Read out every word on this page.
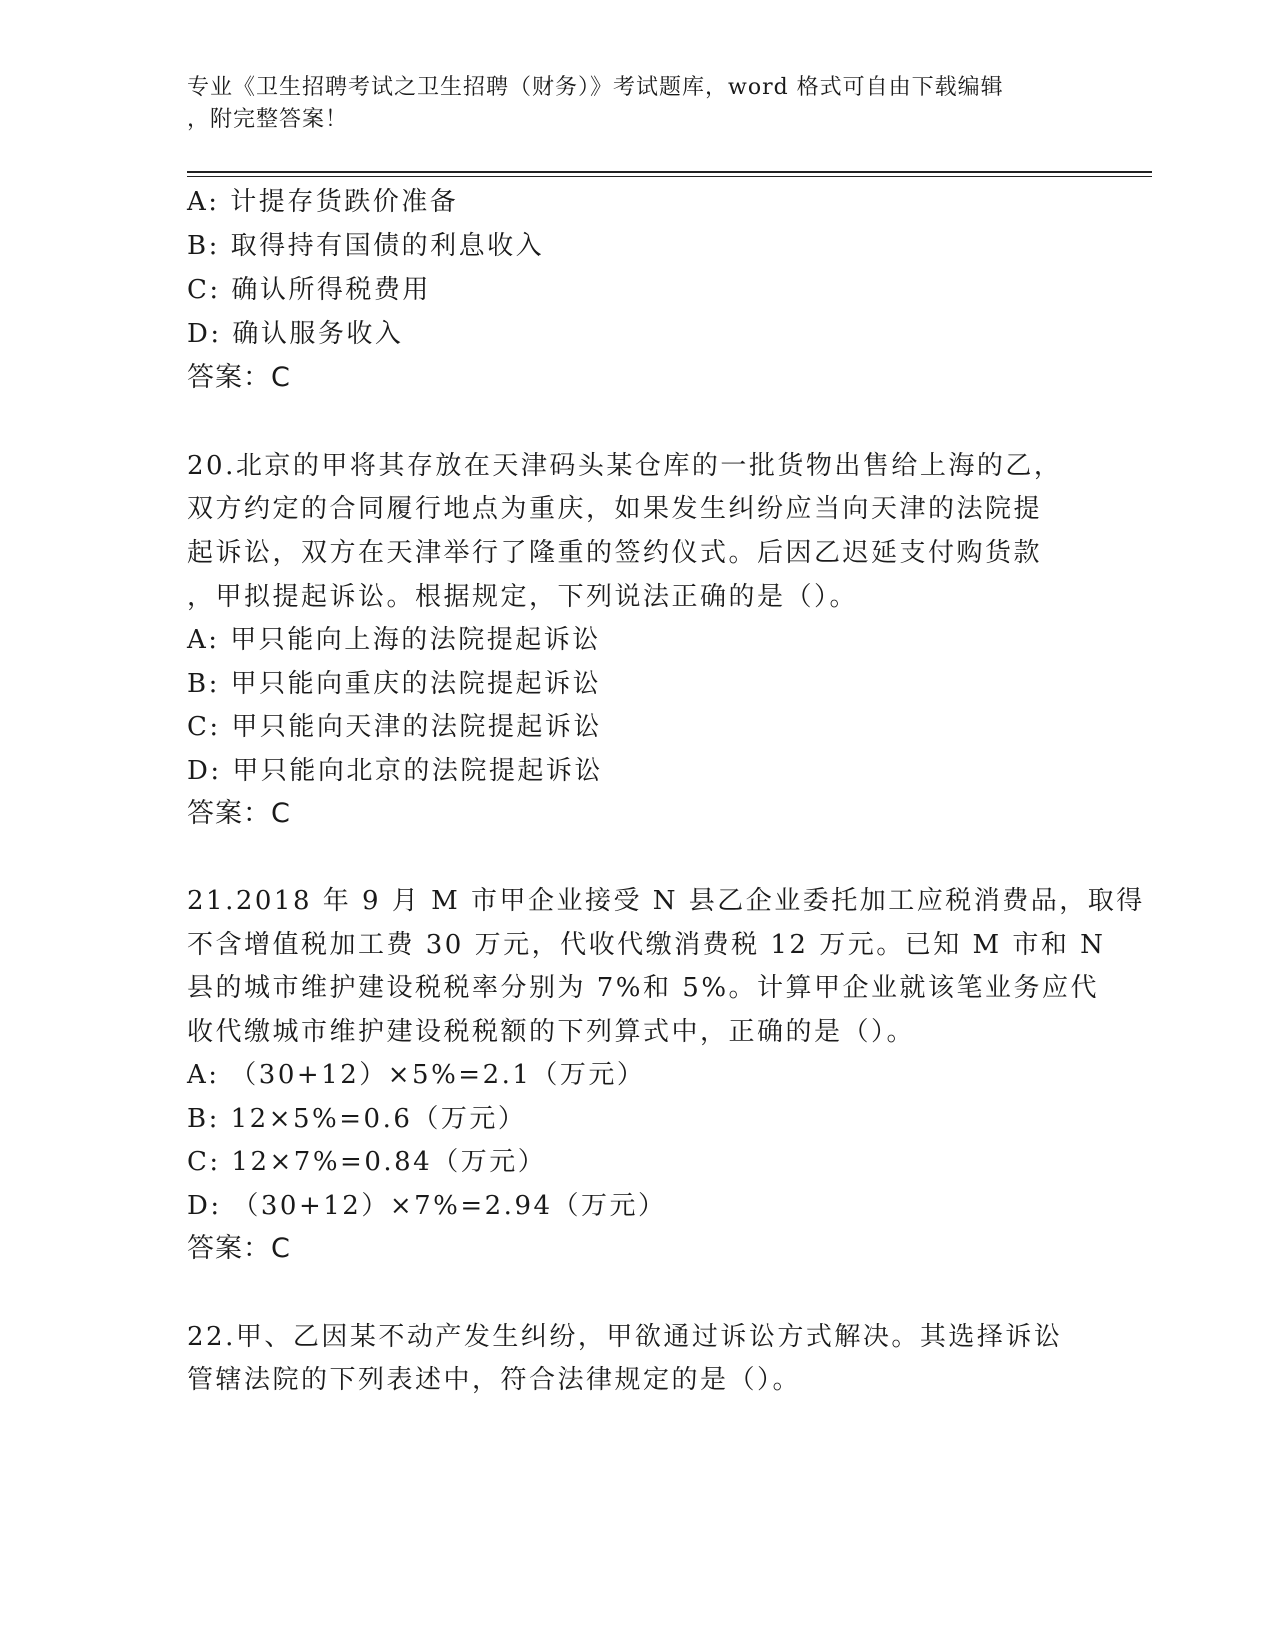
专业《卫生招聘考试之卫生招聘（财务）》考试题库，word 格式可自由下载编辑
，附完整答案！
A: 计提存货跌价准备
B: 取得持有国债的利息收入
C: 确认所得税费用
D: 确认服务收入
答案：C
20.北京的甲将其存放在天津码头某仓库的一批货物出售给上海的乙，
双方约定的合同履行地点为重庆，如果发生纠纷应当向天津的法院提
起诉讼，双方在天津举行了隆重的签约仪式。后因乙迟延支付购货款
，甲拟提起诉讼。根据规定，下列说法正确的是（）。
A: 甲只能向上海的法院提起诉讼
B: 甲只能向重庆的法院提起诉讼
C: 甲只能向天津的法院提起诉讼
D: 甲只能向北京的法院提起诉讼
答案：C
21.2018 年 9 月 M 市甲企业接受 N 县乙企业委托加工应税消费品，取得
不含增值税加工费 30 万元，代收代缴消费税 12 万元。已知 M 市和 N
县的城市维护建设税税率分别为 7%和 5%。计算甲企业就该笔业务应代
收代缴城市维护建设税税额的下列算式中，正确的是（）。
A: （30+12）×5%=2.1（万元）
B: 12×5%=0.6（万元）
C: 12×7%=0.84（万元）
D: （30+12）×7%=2.94（万元）
答案：C
22.甲、乙因某不动产发生纠纷，甲欲通过诉讼方式解决。其选择诉讼
管辖法院的下列表述中，符合法律规定的是（）。
